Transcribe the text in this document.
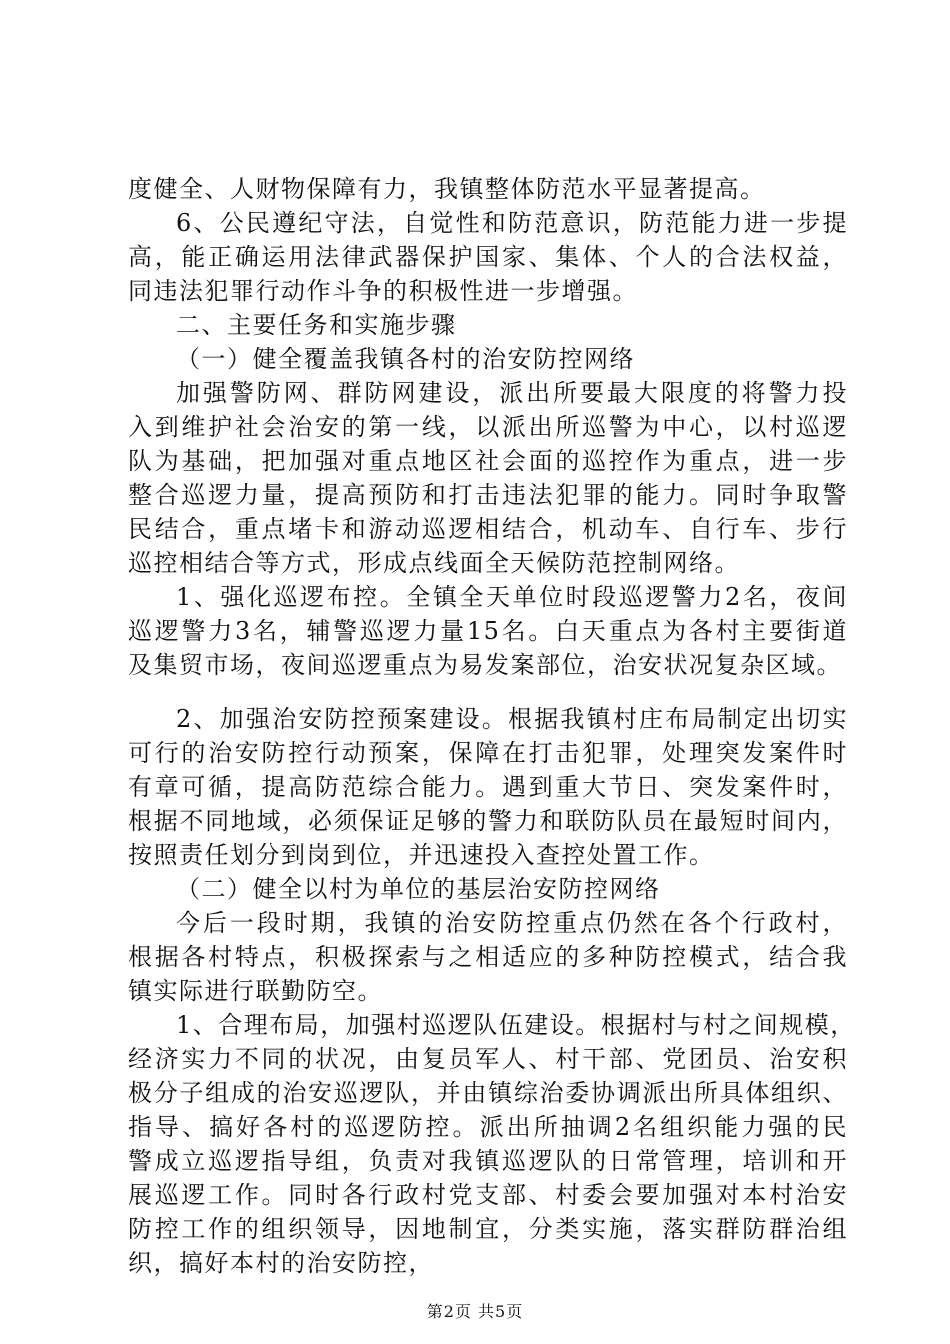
度健全、人财物保障有力，我镇整体防范水平显著提高。
6、公民遵纪守法，自觉性和防范意识，防范能力进一步提
高，能正确运用法律武器保护国家、集体、个人的合法权益，
同违法犯罪行动作斗争的积极性进一步增强。
二、主要任务和实施步骤
（一）健全覆盖我镇各村的治安防控网络
加强警防网、群防网建设，派出所要最大限度的将警力投
入到维护社会治安的第一线，以派出所巡警为中心，以村巡逻
队为基础，把加强对重点地区社会面的巡控作为重点，进一步
整合巡逻力量，提高预防和打击违法犯罪的能力。同时争取警
民结合，重点堵卡和游动巡逻相结合，机动车、自行车、步行
巡控相结合等方式，形成点线面全天候防范控制网络。
1、强化巡逻布控。全镇全天单位时段巡逻警力2名，夜间
巡逻警力3名，辅警巡逻力量15名。白天重点为各村主要街道
及集贸市场，夜间巡逻重点为易发案部位，治安状况复杂区域。
2、加强治安防控预案建设。根据我镇村庄布局制定出切实
可行的治安防控行动预案，保障在打击犯罪，处理突发案件时
有章可循，提高防范综合能力。遇到重大节日、突发案件时，
根据不同地域，必须保证足够的警力和联防队员在最短时间内，
按照责任划分到岗到位，并迅速投入查控处置工作。
（二）健全以村为单位的基层治安防控网络
今后一段时期，我镇的治安防控重点仍然在各个行政村，
根据各村特点，积极探索与之相适应的多种防控模式，结合我
镇实际进行联勤防空。
1、合理布局，加强村巡逻队伍建设。根据村与村之间规模，
经济实力不同的状况，由复员军人、村干部、党团员、治安积
极分子组成的治安巡逻队，并由镇综治委协调派出所具体组织、
指导、搞好各村的巡逻防控。派出所抽调2名组织能力强的民
警成立巡逻指导组，负责对我镇巡逻队的日常管理，培训和开
展巡逻工作。同时各行政村党支部、村委会要加强对本村治安
防控工作的组织领导，因地制宜，分类实施，落实群防群治组
织，搞好本村的治安防控，
第2页 共5页
